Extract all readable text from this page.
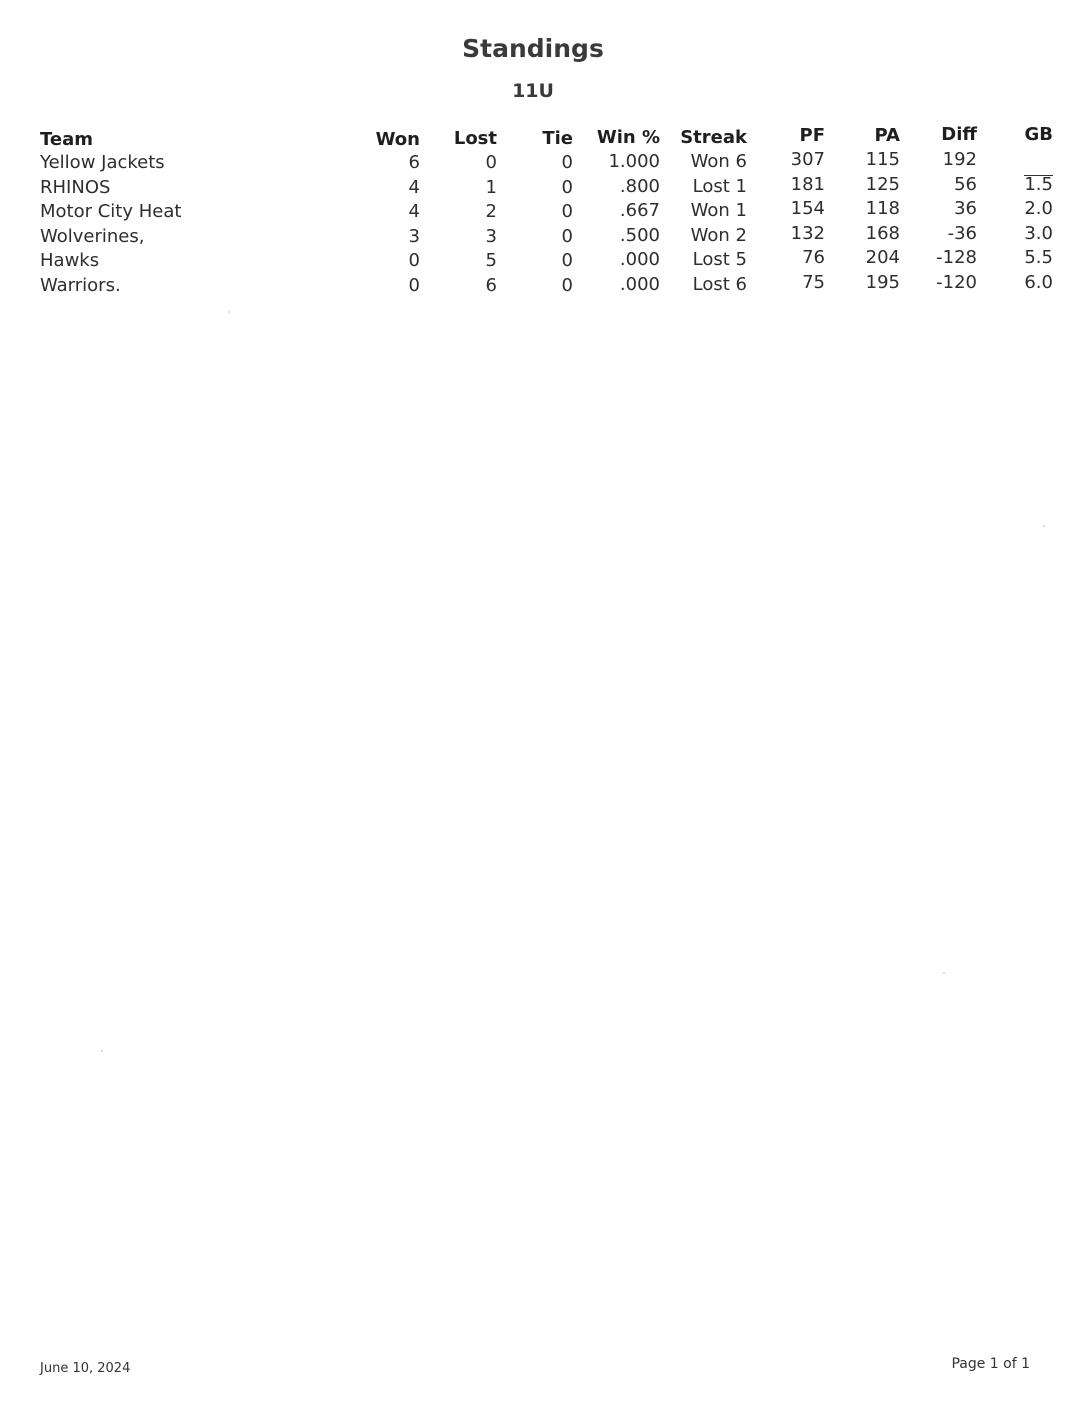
Standings
11U
Team	Won	Lost	Tie	Win %	Streak	PF	PA	Diff	GB
Yellow Jackets	6	0	0	1.000	Won 6	307	115	192
RHINOS	4	1	0	.800	Lost 1	181	125	56	1.5
Motor City Heat	4	2	0	.667	Won 1	154	118	36	2.0
Wolverines,	3	3	0	.500	Won 2	132	168	-36	3.0
Hawks	0	5	0	.000	Lost 5	76	204	-128	5.5
Warriors.	0	6	0	.000	Lost 6	75	195	-120	6.0
June 10, 2024	Page 1 of 1
